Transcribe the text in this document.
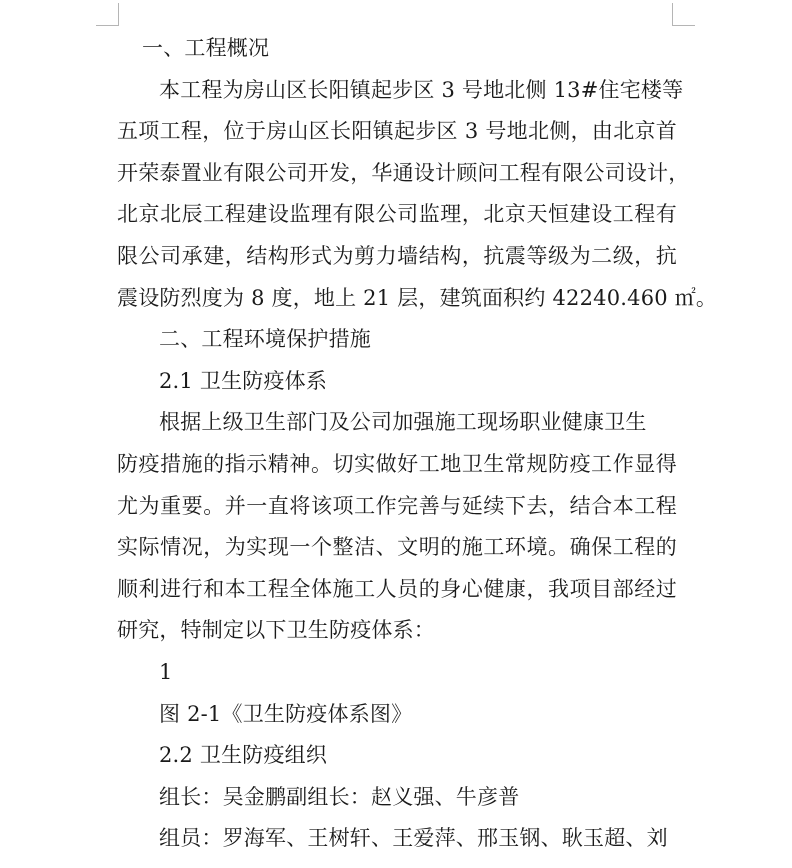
一、工程概况
本工程为房山区长阳镇起步区 3 号地北侧 13#住宅楼等
五项工程，位于房山区长阳镇起步区 3 号地北侧，由北京首
开荣泰置业有限公司开发，华通设计顾问工程有限公司设计，
北京北辰工程建设监理有限公司监理，北京天恒建设工程有
限公司承建，结构形式为剪力墙结构，抗震等级为二级，抗
震设防烈度为 8 度，地上 21 层，建筑面积约 42240.460 ㎡。
二、工程环境保护措施
2.1 卫生防疫体系
根据上级卫生部门及公司加强施工现场职业健康卫生
防疫措施的指示精神。切实做好工地卫生常规防疫工作显得
尤为重要。并一直将该项工作完善与延续下去，结合本工程
实际情况，为实现一个整洁、文明的施工环境。确保工程的
顺利进行和本工程全体施工人员的身心健康，我项目部经过
研究，特制定以下卫生防疫体系：
1
图 2-1《卫生防疫体系图》
2.2 卫生防疫组织
组长：吴金鹏副组长：赵义强、牛彦普
组员：罗海军、王树轩、王爱萍、邢玉钢、耿玉超、刘
